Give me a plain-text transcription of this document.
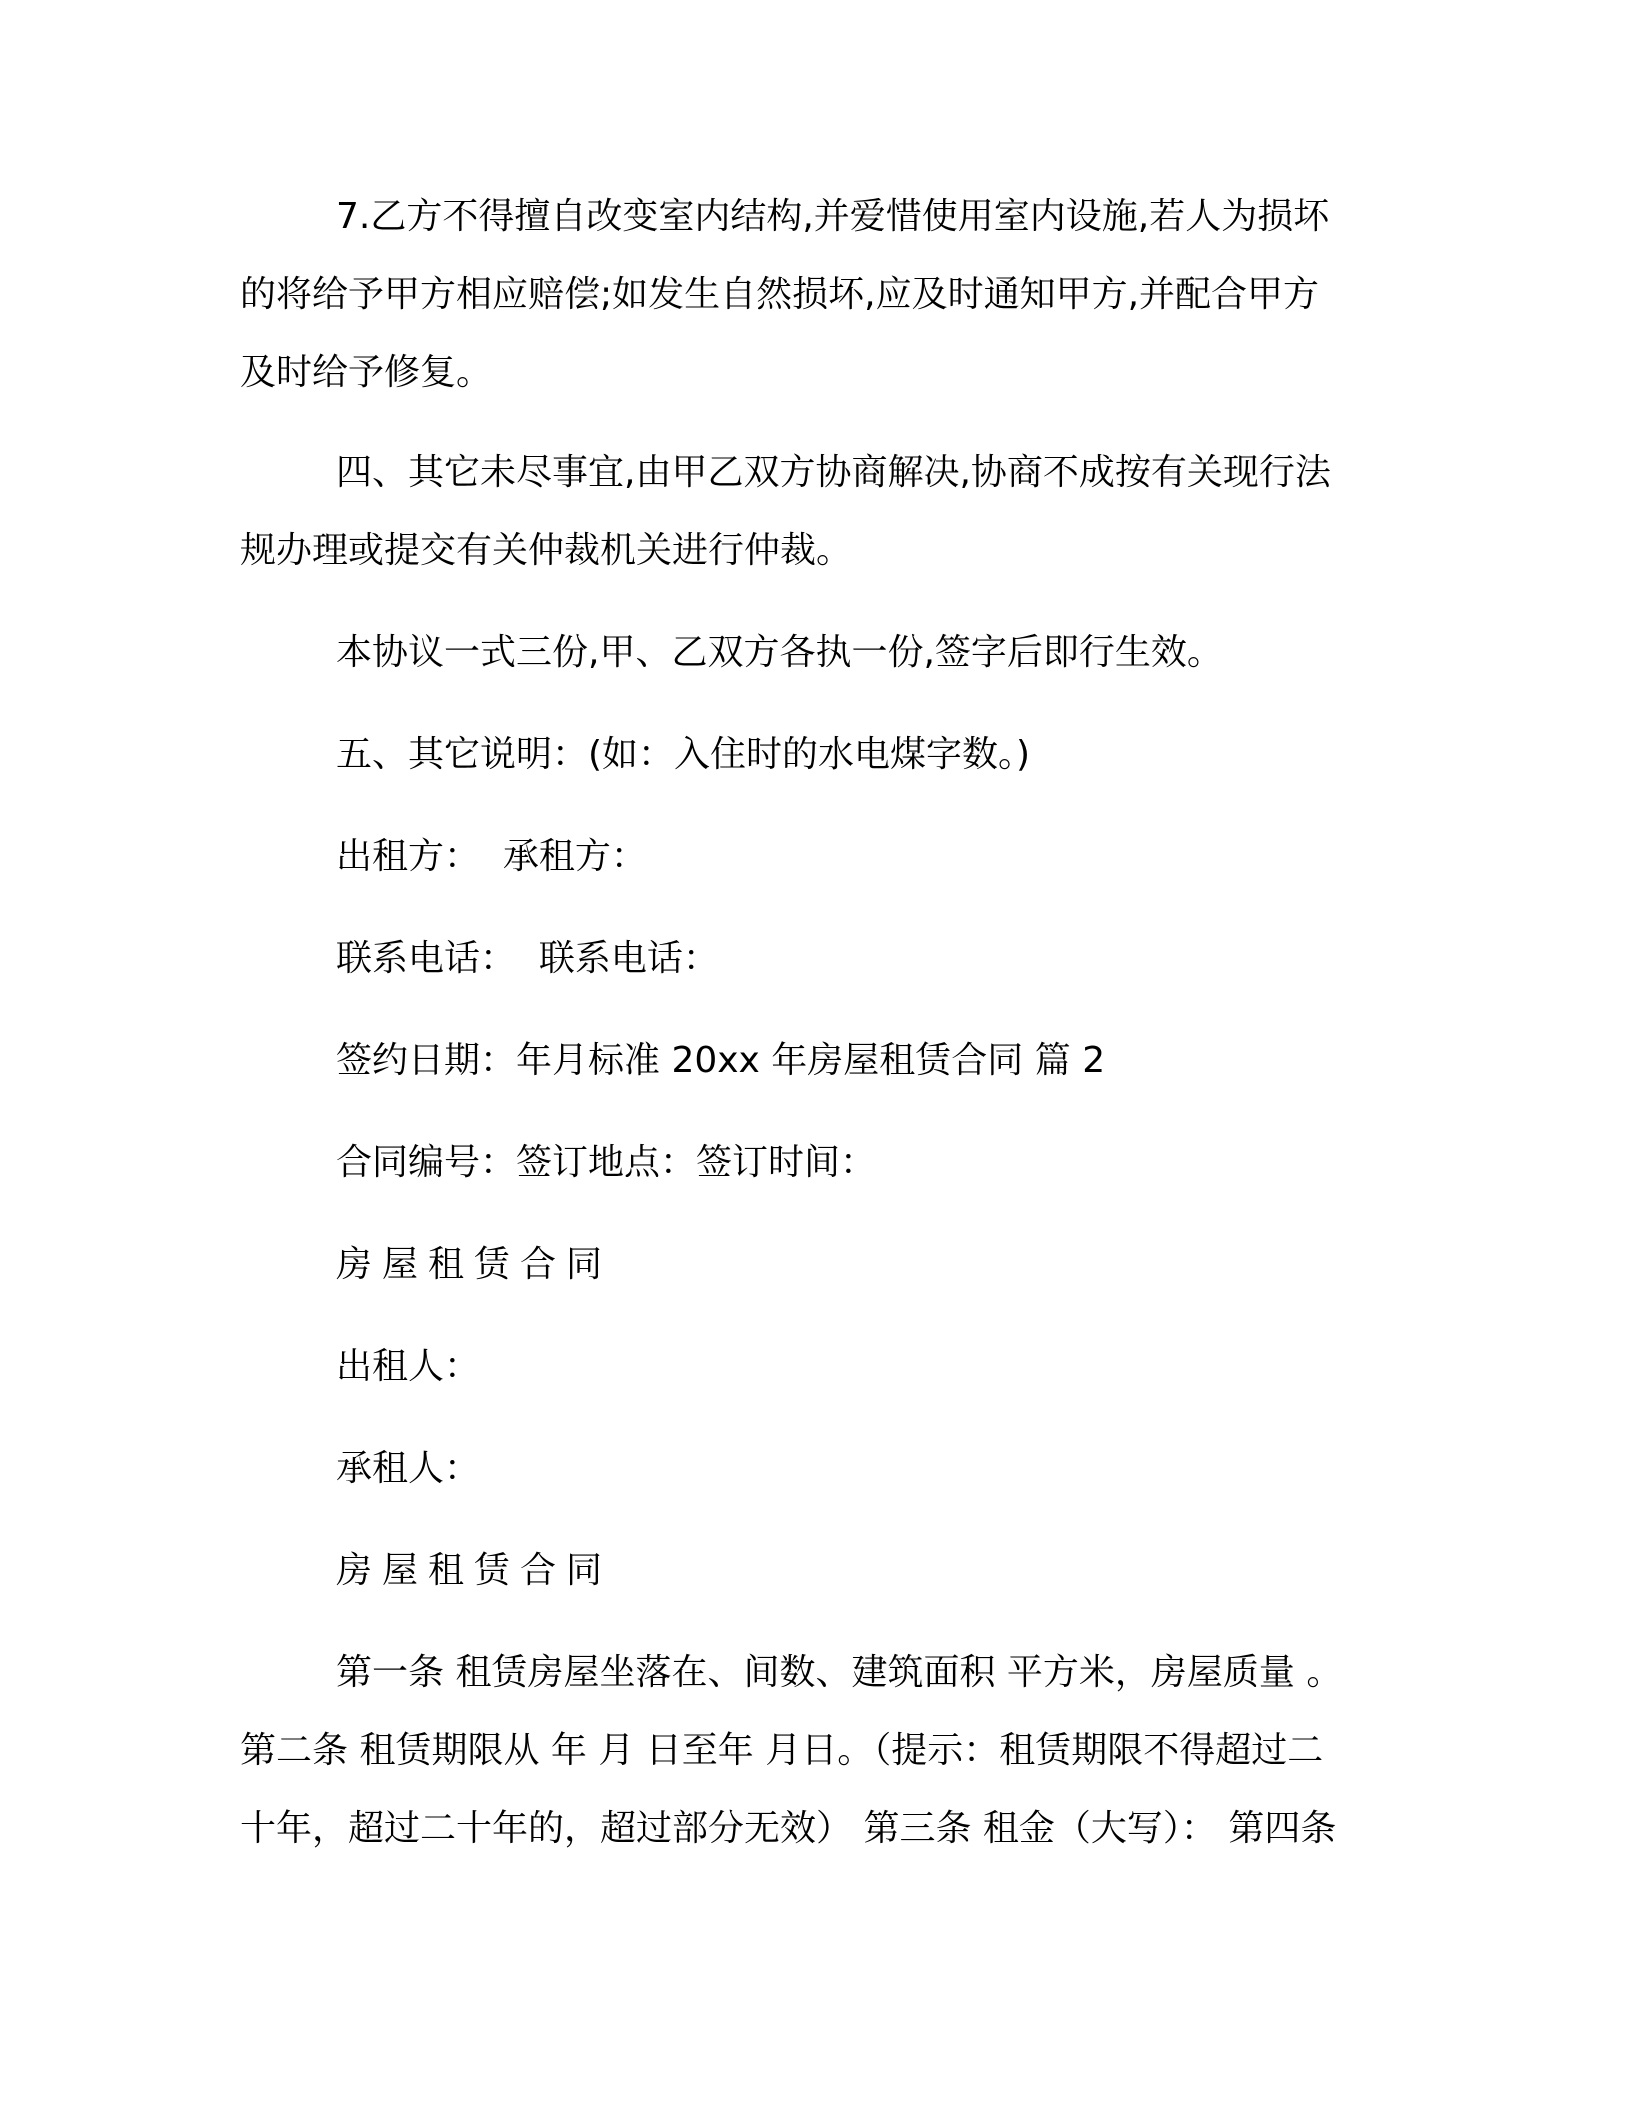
7.乙方不得擅自改变室内结构,并爱惜使用室内设施,若人为损坏
的将给予甲方相应赔偿;如发生自然损坏,应及时通知甲方,并配合甲方
及时给予修复。
四、其它未尽事宜,由甲乙双方协商解决,协商不成按有关现行法
规办理或提交有关仲裁机关进行仲裁。
本协议一式三份,甲、乙双方各执一份,签字后即行生效。
五、其它说明：(如：入住时的水电煤字数。)
出租方：  承租方：
联系电话：  联系电话：
签约日期：年月标准 20xx 年房屋租赁合同 篇 2
合同编号：签订地点：签订时间：
房屋租赁合同
出租人：
承租人：
房屋租赁合同
第一条 租赁房屋坐落在、间数、建筑面积 平方米，房屋质量 。
第二条 租赁期限从 年 月 日至年 月日。（提示：租赁期限不得超过二
十年，超过二十年的，超过部分无效） 第三条 租金（大写）： 第四条
